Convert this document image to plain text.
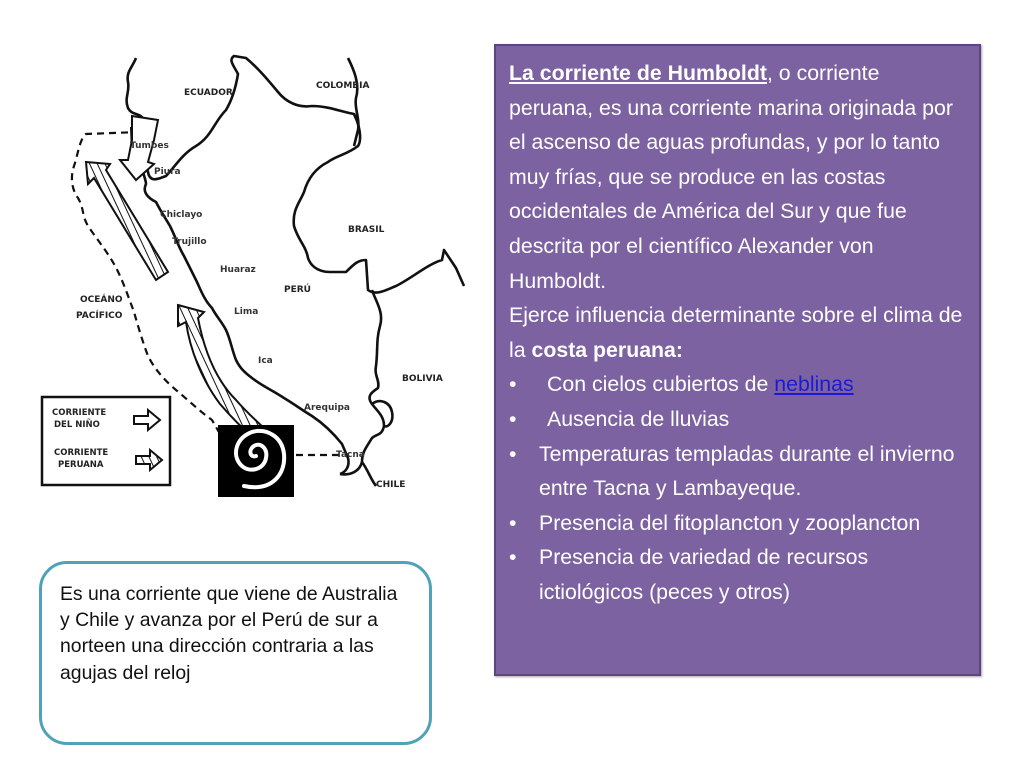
ECUADOR
COLOMBIA
BRASIL
PERÚ
BOLIVIA
CHILE
OCEÁNO
PACÍFICO
Tumbes
Piura
Chiclayo
Trujillo
Huaraz
Lima
Ica
Arequipa
Tacna
CORRIENTE
DEL NIÑO
CORRIENTE
PERUANA

La corriente de Humboldt, o corriente peruana, es una corriente marina originada por el ascenso de aguas profundas, y por lo tanto muy frías, que se produce en las costas occidentales de América del Sur y que fue descrita por el científico Alexander von Humboldt.

Ejerce influencia determinante sobre el clima de la costa peruana:

•	Con cielos cubiertos de neblinas
•	Ausencia de lluvias
•	Temperaturas templadas durante el invierno entre Tacna y Lambayeque.
•	Presencia del fitoplancton y zooplancton
•	Presencia de variedad de recursos ictiológicos (peces y otros)

Es una corriente que viene de Australia y Chile y avanza por el Perú de sur a norteen una dirección contraria a las agujas del reloj
